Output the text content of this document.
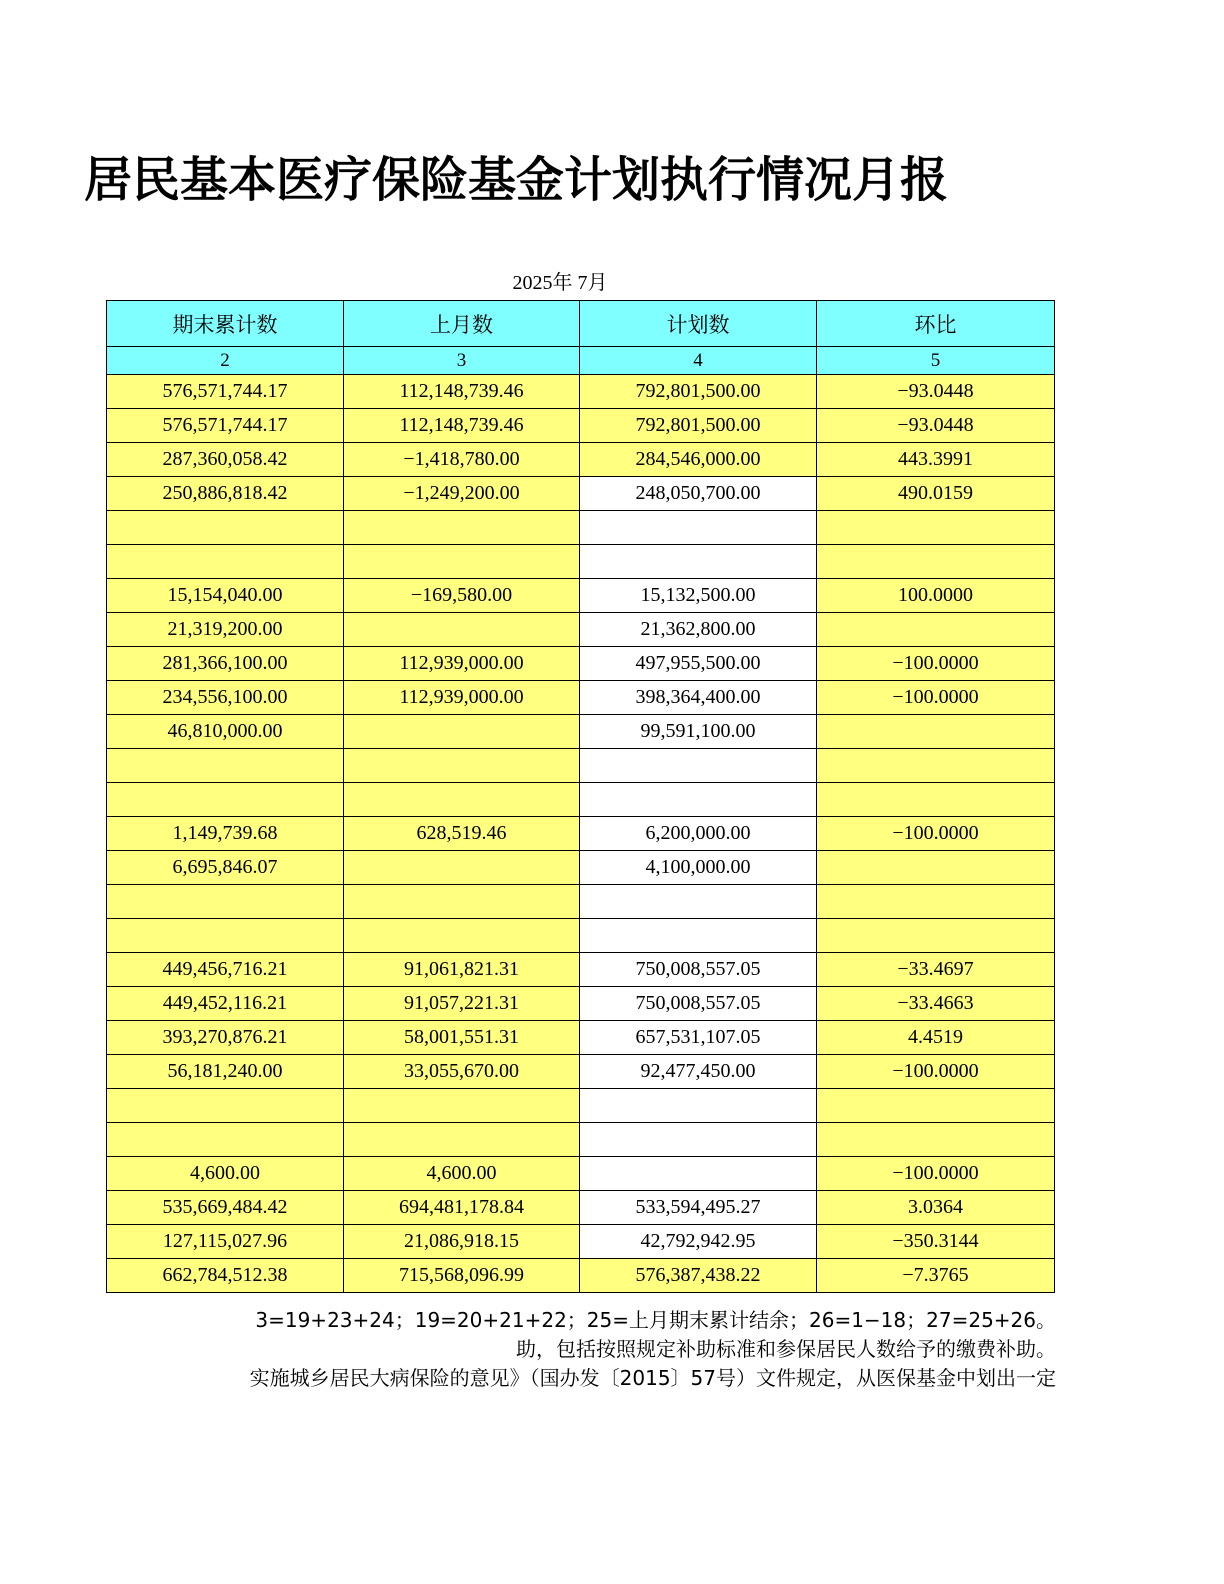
居民基本医疗保险基金计划执行情况月报
2025年 7月
期末累计数	上月数	计划数	环比
2	3	4	5
576,571,744.17	112,148,739.46	792,801,500.00	−93.0448
576,571,744.17	112,148,739.46	792,801,500.00	−93.0448
287,360,058.42	−1,418,780.00	284,546,000.00	443.3991
250,886,818.42	−1,249,200.00	248,050,700.00	490.0159

15,154,040.00	−169,580.00	15,132,500.00	100.0000
21,319,200.00		21,362,800.00	
281,366,100.00	112,939,000.00	497,955,500.00	−100.0000
234,556,100.00	112,939,000.00	398,364,400.00	−100.0000
46,810,000.00		99,591,100.00	

1,149,739.68	628,519.46	6,200,000.00	−100.0000
6,695,846.07		4,100,000.00	

449,456,716.21	91,061,821.31	750,008,557.05	−33.4697
449,452,116.21	91,057,221.31	750,008,557.05	−33.4663
393,270,876.21	58,001,551.31	657,531,107.05	4.4519
56,181,240.00	33,055,670.00	92,477,450.00	−100.0000

4,600.00	4,600.00		−100.0000
535,669,484.42	694,481,178.84	533,594,495.27	3.0364
127,115,027.96	21,086,918.15	42,792,942.95	−350.3144
662,784,512.38	715,568,096.99	576,387,438.22	−7.3765
3=19+23+24；19=20+21+22；25=上月期末累计结余；26=1−18；27=25+26。
助，包括按照规定补助标准和参保居民人数给予的缴费补助。
实施城乡居民大病保险的意见》（国办发〔2015〕57号）文件规定，从医保基金中划出一定
